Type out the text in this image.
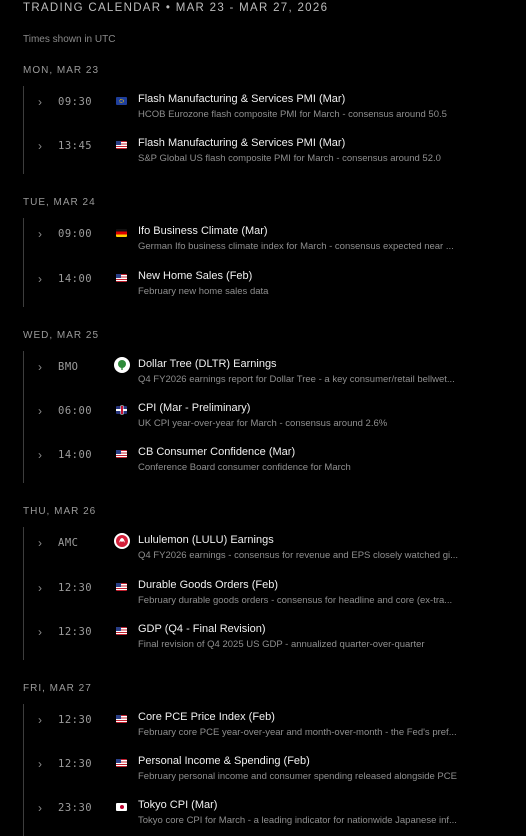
TRADING CALENDAR • MAR 23 - MAR 27, 2026
Times shown in UTC
MON, MAR 23
› 09:30	Flash Manufacturing & Services PMI (Mar)
HCOB Eurozone flash composite PMI for March - consensus around 50.5
› 13:45	Flash Manufacturing & Services PMI (Mar)
S&P Global US flash composite PMI for March - consensus around 52.0
TUE, MAR 24
› 09:00	Ifo Business Climate (Mar)
German Ifo business climate index for March - consensus expected near ...
› 14:00	New Home Sales (Feb)
February new home sales data
WED, MAR 25
› BMO	Dollar Tree (DLTR) Earnings
Q4 FY2026 earnings report for Dollar Tree - a key consumer/retail bellwet...
› 06:00	CPI (Mar - Preliminary)
UK CPI year-over-year for March - consensus around 2.6%
› 14:00	CB Consumer Confidence (Mar)
Conference Board consumer confidence for March
THU, MAR 26
› AMC	Lululemon (LULU) Earnings
Q4 FY2026 earnings - consensus for revenue and EPS closely watched gi...
› 12:30	Durable Goods Orders (Feb)
February durable goods orders - consensus for headline and core (ex-tra...
› 12:30	GDP (Q4 - Final Revision)
Final revision of Q4 2025 US GDP - annualized quarter-over-quarter
FRI, MAR 27
› 12:30	Core PCE Price Index (Feb)
February core PCE year-over-year and month-over-month - the Fed's pref...
› 12:30	Personal Income & Spending (Feb)
February personal income and consumer spending released alongside PCE
› 23:30	Tokyo CPI (Mar)
Tokyo core CPI for March - a leading indicator for nationwide Japanese inf...
